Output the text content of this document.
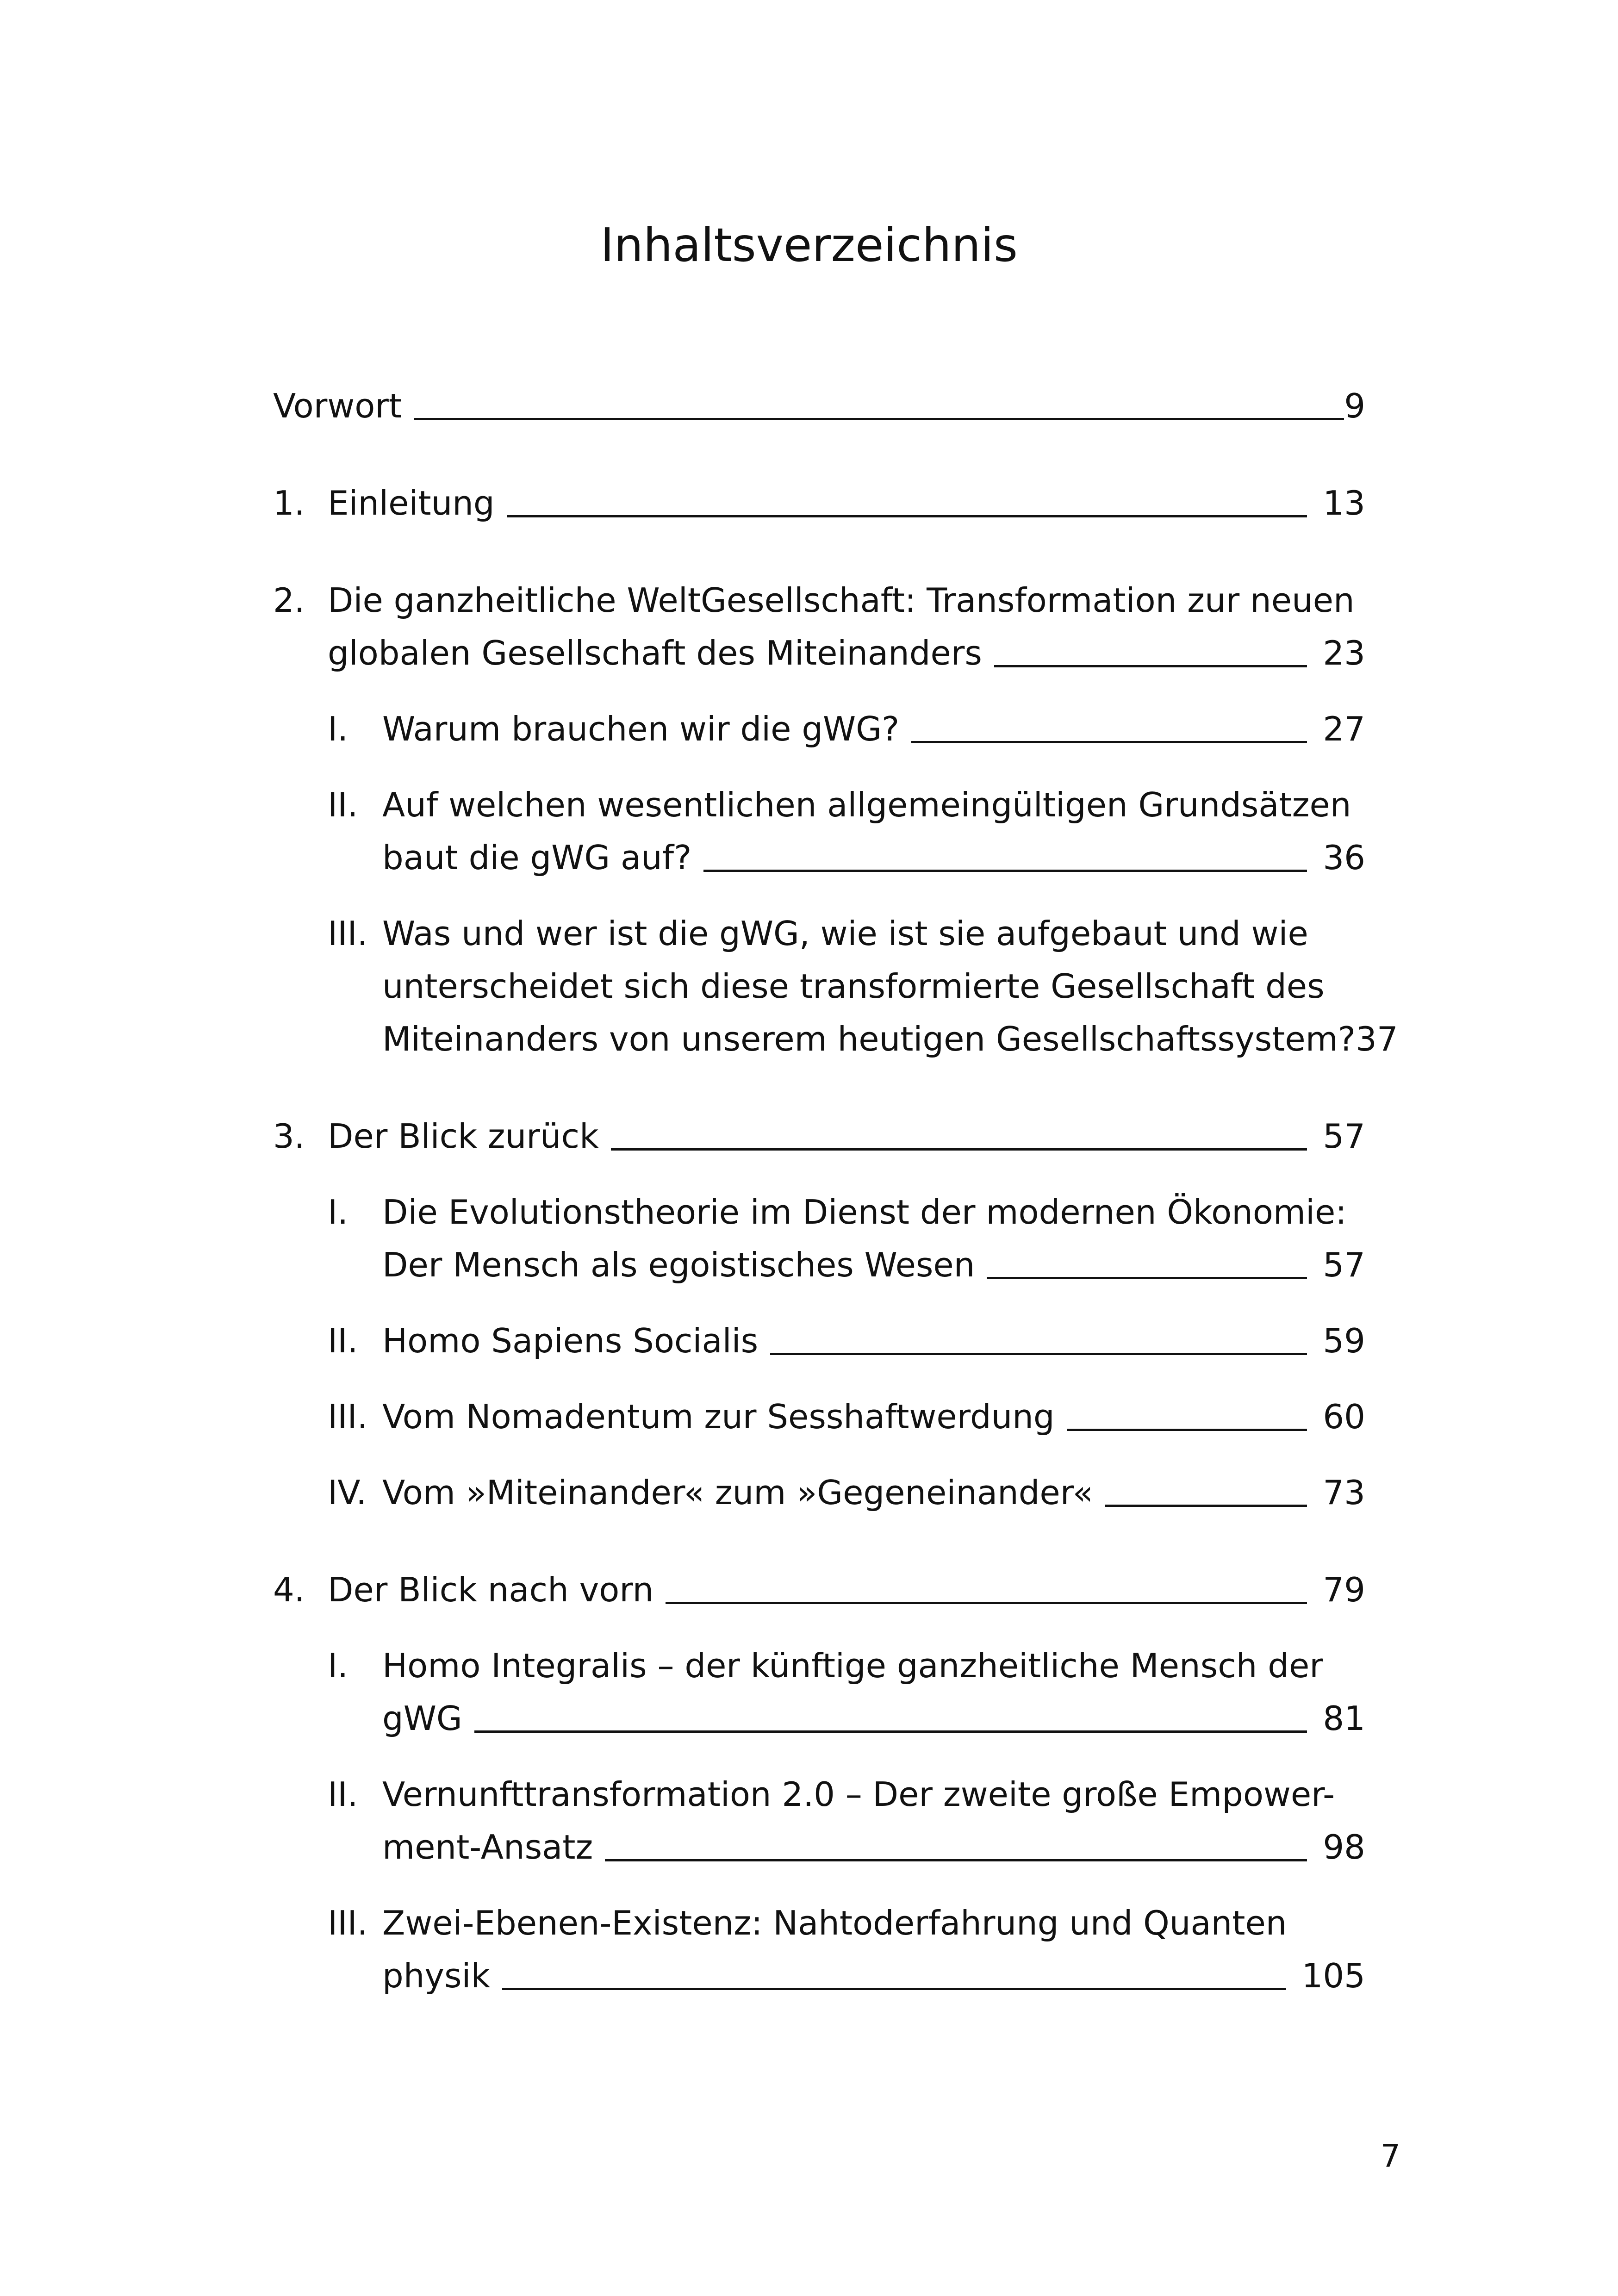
Inhaltsverzeichnis
Vorwort	9
1. Einleitung	13
2. Die ganzheitliche WeltGesellschaft: Transformation zur neuen
globalen Gesellschaft des Miteinanders	23
I.	Warum brauchen wir die gWG?	27
II. Auf welchen wesentlichen allgemeingültigen Grundsätzen
baut die gWG auf?	36
III. Was und wer ist die gWG, wie ist sie aufgebaut und wie
unterscheidet sich diese transformierte Gesellschaft des
Miteinanders von unserem heutigen Gesellschaftssystem? 37
3. Der Blick zurück	57
I.	Die Evolutionstheorie im Dienst der modernen Ökonomie:
Der Mensch als egoistisches Wesen	57
II. Homo Sapiens Socialis	59
III. Vom Nomadentum zur Sesshaftwerdung	60
IV. Vom »Miteinander« zum »Gegeneinander«	73
4. Der Blick nach vorn	79
I.	Homo Integralis – der künftige ganzheitliche Mensch der
gWG	81
II. Vernunfttransformation 2.0 – Der zweite große Empower-
ment-Ansatz	98
III. Zwei-Ebenen-Existenz: Nahtoderfahrung und Quanten
physik	105
7
